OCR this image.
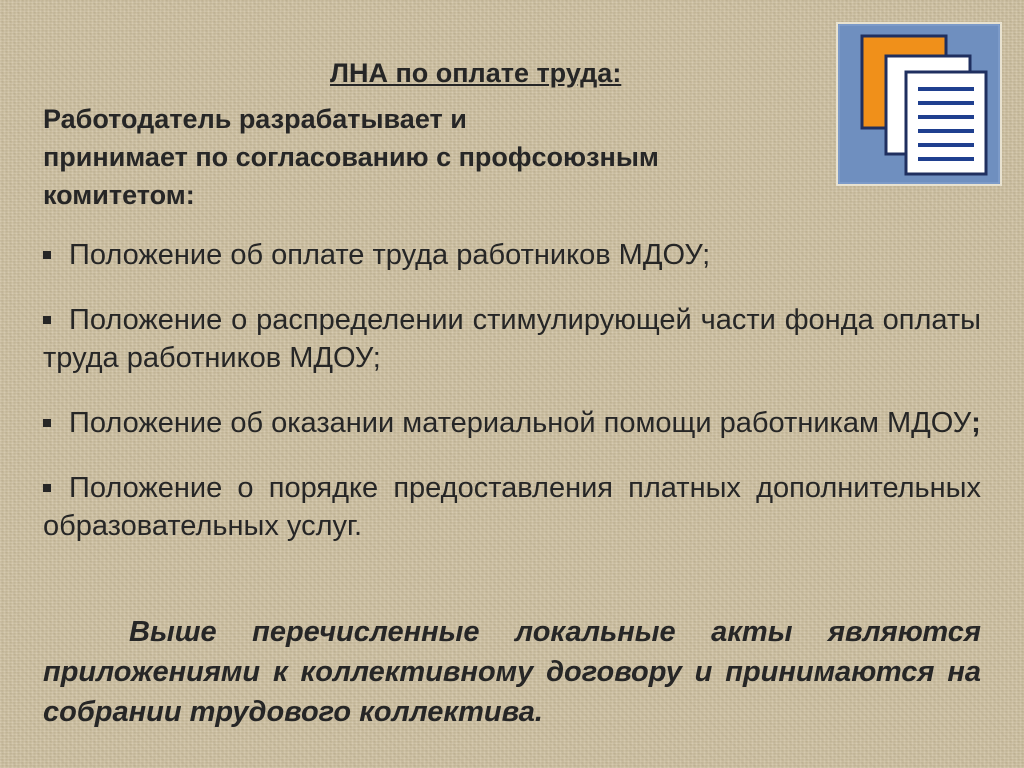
ЛНА по оплате труда:
Работодатель разрабатывает и
принимает по согласованию с профсоюзным
комитетом:
Положение об оплате труда работников МДОУ;
Положение о распределении стимулирующей части фонда оплаты труда работников МДОУ;
Положение об оказании материальной помощи работникам МДОУ;
Положение о порядке предоставления платных дополнительных образовательных услуг.
Выше перечисленные локальные акты являются приложениями к коллективному договору и принимаются на собрании трудового коллектива.
